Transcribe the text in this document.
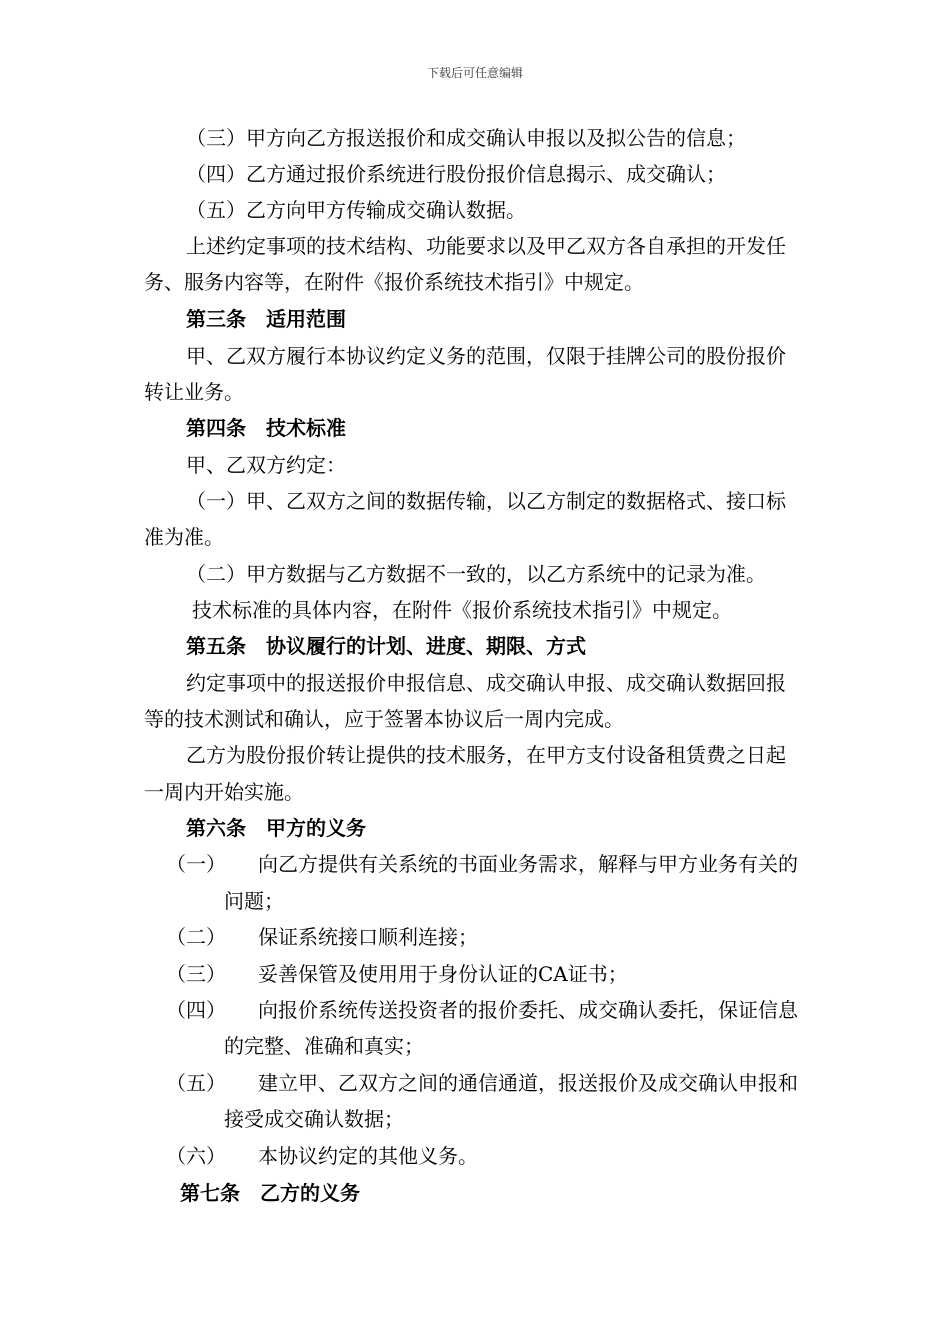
下载后可任意编辑
（三）甲方向乙方报送报价和成交确认申报以及拟公告的信息；
（四）乙方通过报价系统进行股份报价信息揭示、成交确认；
（五）乙方向甲方传输成交确认数据。
上述约定事项的技术结构、功能要求以及甲乙双方各自承担的开发任
务、服务内容等，在附件《报价系统技术指引》中规定。
第三条　适用范围
甲、乙双方履行本协议约定义务的范围，仅限于挂牌公司的股份报价
转让业务。
第四条　技术标准
甲、乙双方约定：
（一）甲、乙双方之间的数据传输，以乙方制定的数据格式、接口标
准为准。
（二）甲方数据与乙方数据不一致的，以乙方系统中的记录为准。
技术标准的具体内容，在附件《报价系统技术指引》中规定。
第五条　协议履行的计划、进度、期限、方式
约定事项中的报送报价申报信息、成交确认申报、成交确认数据回报
等的技术测试和确认，应于签署本协议后一周内完成。
乙方为股份报价转让提供的技术服务，在甲方支付设备租赁费之日起
一周内开始实施。
第六条　甲方的义务
（一） 向乙方提供有关系统的书面业务需求，解释与甲方业务有关的
问题；
（二） 保证系统接口顺利连接；
（三） 妥善保管及使用用于身份认证的CA证书；
（四） 向报价系统传送投资者的报价委托、成交确认委托，保证信息
的完整、准确和真实；
（五） 建立甲、乙双方之间的通信通道，报送报价及成交确认申报和
接受成交确认数据；
（六） 本协议约定的其他义务。
第七条　乙方的义务
